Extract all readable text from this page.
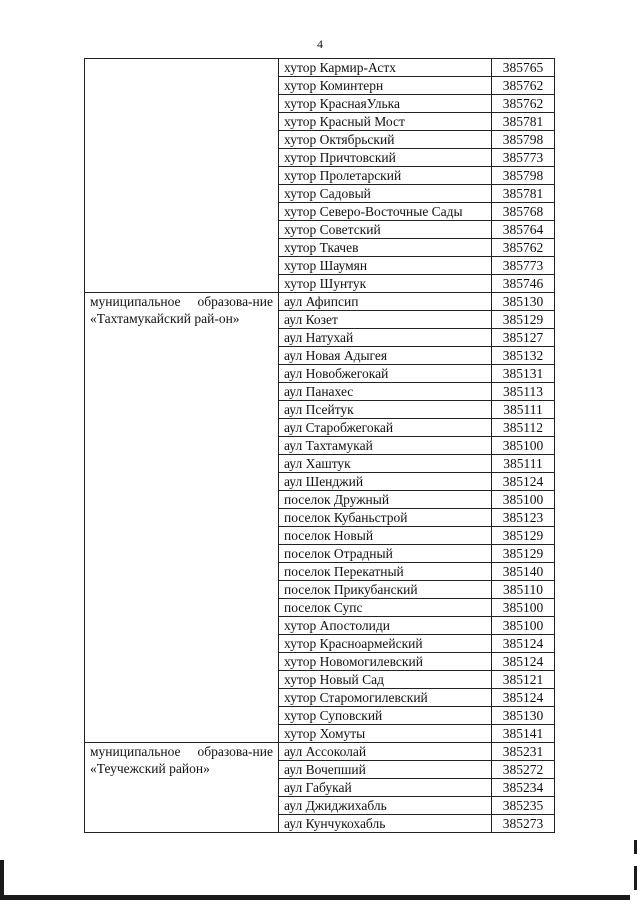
4
	хутор Кармир-Астх	385765
	хутор Коминтерн	385762
	хутор КраснаяУлька	385762
	хутор Красный Мост	385781
	хутор Октябрьский	385798
	хутор Причтовский	385773
	хутор Пролетарский	385798
	хутор Садовый	385781
	хутор Северо-Восточные Сады	385768
	хутор Советский	385764
	хутор Ткачев	385762
	хутор Шаумян	385773
	хутор Шунтук	385746
муниципальное образова-ние «Тахтамукайский рай-он»	аул Афипсип	385130
	аул Козет	385129
	аул Натухай	385127
	аул Новая Адыгея	385132
	аул Новобжегокай	385131
	аул Панахес	385113
	аул Псейтук	385111
	аул Старобжегокай	385112
	аул Тахтамукай	385100
	аул Хаштук	385111
	аул Шенджий	385124
	поселок Дружный	385100
	поселок Кубаньстрой	385123
	поселок Новый	385129
	поселок Отрадный	385129
	поселок Перекатный	385140
	поселок Прикубанский	385110
	поселок Супс	385100
	хутор Апостолиди	385100
	хутор Красноармейский	385124
	хутор Новомогилевский	385124
	хутор Новый Сад	385121
	хутор Старомогилевский	385124
	хутор Суповский	385130
	хутор Хомуты	385141
муниципальное образова-ние «Теучежский район»	аул Ассоколай	385231
	аул Вочепший	385272
	аул Габукай	385234
	аул Джиджихабль	385235
	аул Кунчукохабль	385273
